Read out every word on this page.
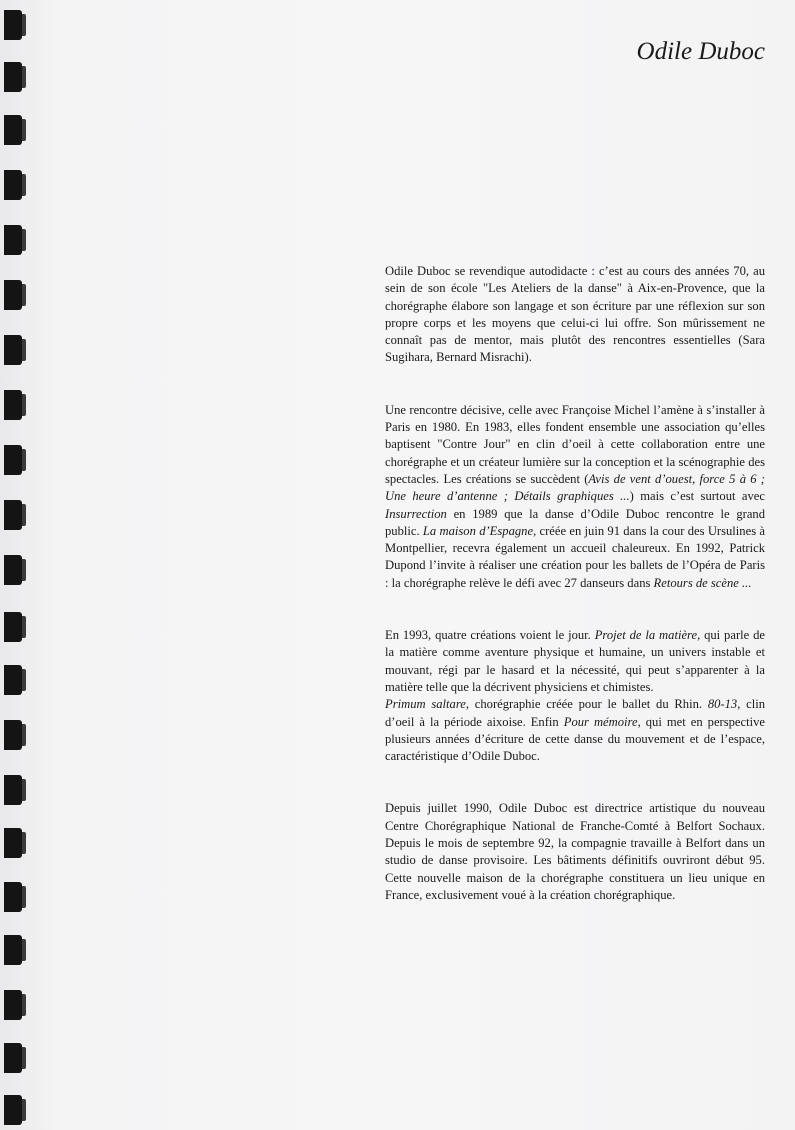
Odile Duboc

Odile Duboc se revendique autodidacte : c’est au cours des années 70, au sein de son école "Les Ateliers de la danse" à Aix-en-Provence, que la chorégraphe élabore son langage et son écriture par une réflexion sur son propre corps et les moyens que celui-ci lui offre. Son mûrissement ne connaît pas de mentor, mais plutôt des rencontres essentielles (Sara Sugihara, Bernard Misrachi).

Une rencontre décisive, celle avec Françoise Michel l’amène à s’installer à Paris en 1980. En 1983, elles fondent ensemble une association qu’elles baptisent "Contre Jour" en clin d’oeil à cette collaboration entre une chorégraphe et un créateur lumière sur la conception et la scénographie des spectacles. Les créations se succèdent (Avis de vent d’ouest, force 5 à 6 ; Une heure d’antenne ; Détails graphiques ...) mais c’est surtout avec Insurrection en 1989 que la danse d’Odile Duboc rencontre le grand public. La maison d’Espagne, créée en juin 91 dans la cour des Ursulines à Montpellier, recevra également un accueil chaleureux. En 1992, Patrick Dupond l’invite à réaliser une création pour les ballets de l’Opéra de Paris : la chorégraphe relève le défi avec 27 danseurs dans Retours de scène ...

En 1993, quatre créations voient le jour. Projet de la matière, qui parle de la matière comme aventure physique et humaine, un univers instable et mouvant, régi par le hasard et la nécessité, qui peut s’apparenter à la matière telle que la décrivent physiciens et chimistes.

Primum saltare, chorégraphie créée pour le ballet du Rhin. 80-13, clin d’oeil à la période aixoise. Enfin Pour mémoire, qui met en perspective plusieurs années d’écriture de cette danse du mouvement et de l’espace, caractéristique d’Odile Duboc.

Depuis juillet 1990, Odile Duboc est directrice artistique du nouveau Centre Chorégraphique National de Franche-Comté à Belfort Sochaux. Depuis le mois de septembre 92, la compagnie travaille à Belfort dans un studio de danse provisoire. Les bâtiments définitifs ouvriront début 95. Cette nouvelle maison de la chorégraphe constituera un lieu unique en France, exclusivement voué à la création chorégraphique.
